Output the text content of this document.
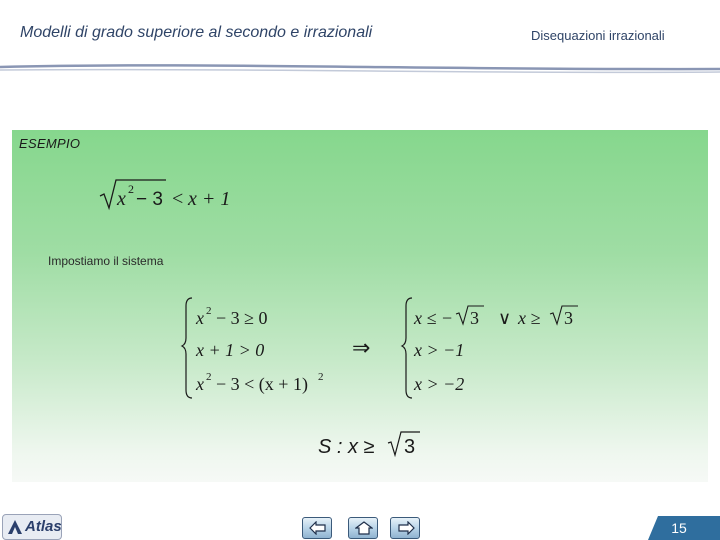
Modelli di grado superiore al secondo e irrazionali	Disequazioni irrazionali
ESEMPIO
x 2 − 3 < x + 1
Impostiamo il sistema
x 2 − 3 ≥ 0
x + 1 > 0
x 2 − 3 < (x + 1) 2
⇒
x ≤ − 3 ∨ x ≥ 3
x > −1
x > −2
S : x ≥ 3
Atlas	15
